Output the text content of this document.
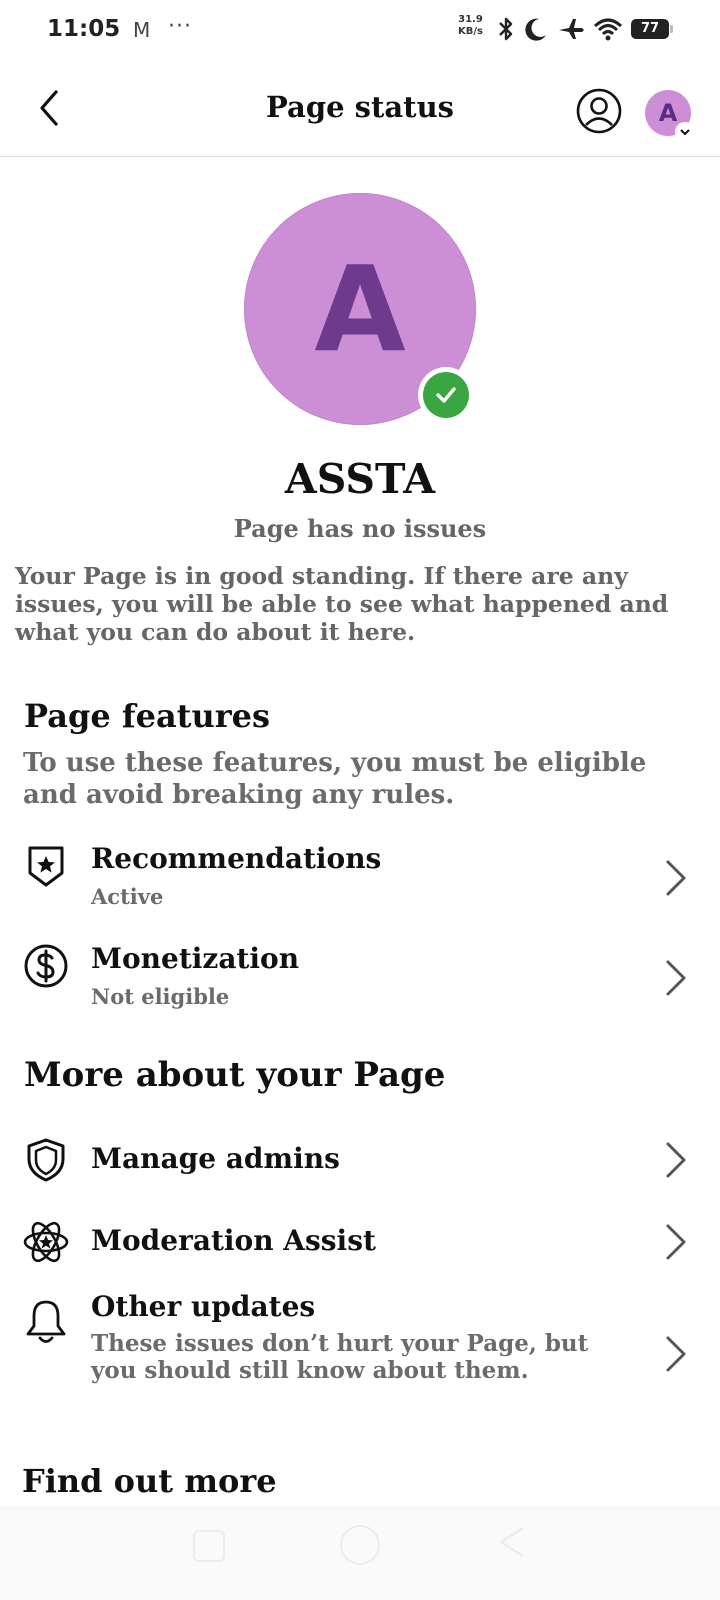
11:05 M ···	31.9
KB/s	77
Page status	A
A
ASSTA
Page has no issues
Your Page is in good standing. If there are any issues, you will be able to see what happened and what you can do about it here.
Page features
To use these features, you must be eligible and avoid breaking any rules.
Recommendations
Active
Monetization
Not eligible
More about your Page
Manage admins
Moderation Assist
Other updates
These issues don’t hurt your Page, but you should still know about them.
Find out more
